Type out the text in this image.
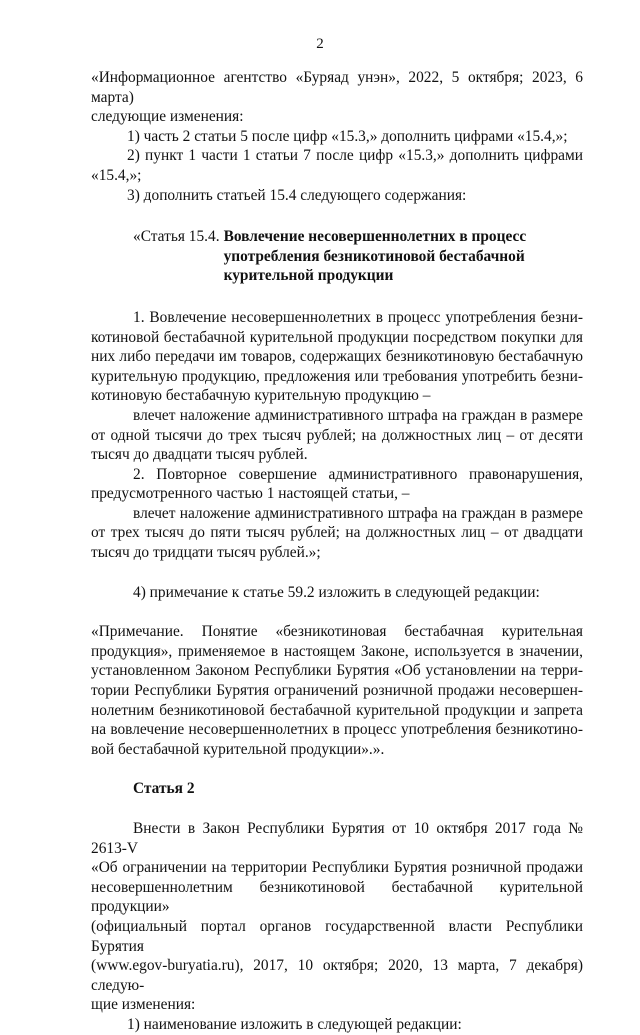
2

«Информационное агентство «Буряад унэн», 2022, 5 октября; 2023, 6 марта)

следующие изменения:

1) часть 2 статьи 5 после цифр «15.3,» дополнить цифрами «15.4,»;

2) пункт 1 части 1 статьи 7 после цифр «15.3,» дополнить цифрами

«15.4,»;

3) дополнить статьей 15.4 следующего содержания:

«Статья 15.4. Вовлечение несовершеннолетних в процесс
употребления безникотиновой бестабачной
курительной продукции

1. Вовлечение несовершеннолетних в процесс употребления безни-

котиновой бестабачной курительной продукции посредством покупки для

них либо передачи им товаров, содержащих безникотиновую бестабачную

курительную продукцию, предложения или требования употребить безни-

котиновую бестабачную курительную продукцию –

влечет наложение административного штрафа на граждан в размере

от одной тысячи до трех тысяч рублей; на должностных лиц – от десяти

тысяч до двадцати тысяч рублей.

2. Повторное совершение административного правонарушения,

предусмотренного частью 1 настоящей статьи, –

влечет наложение административного штрафа на граждан в размере

от трех тысяч до пяти тысяч рублей; на должностных лиц – от двадцати

тысяч до тридцати тысяч рублей.»;

4) примечание к статье 59.2 изложить в следующей редакции:

«Примечание. Понятие «безникотиновая бестабачная курительная

продукция», применяемое в настоящем Законе, используется в значении,

установленном Законом Республики Бурятия «Об установлении на терри-

тории Республики Бурятия ограничений розничной продажи несовершен-

нолетним безникотиновой бестабачной курительной продукции и запрета

на вовлечение несовершеннолетних в процесс употребления безникотино-

вой бестабачной курительной продукции».».

Статья 2

Внести в Закон Республики Бурятия от 10 октября 2017 года № 2613-V

«Об ограничении на территории Республики Бурятия розничной продажи

несовершеннолетним безникотиновой бестабачной курительной продукции»

(официальный портал органов государственной власти Республики Бурятия

(www.egov-buryatia.ru), 2017, 10 октября; 2020, 13 марта, 7 декабря) следую-

щие изменения:

1) наименование изложить в следующей редакции:
